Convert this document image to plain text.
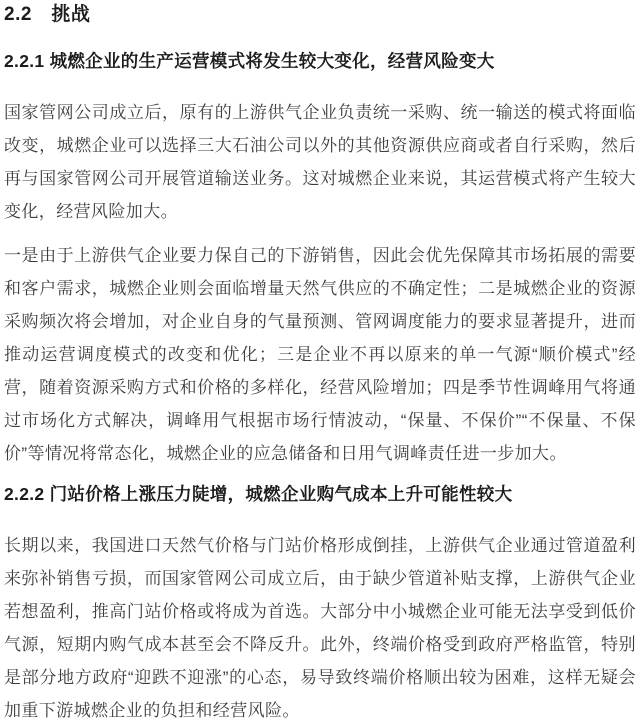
2.2　挑战
2.2.1 城燃企业的生产运营模式将发生较大变化，经营风险变大

国家管网公司成立后，原有的上游供气企业负责统一采购、统一输送的模式将面临改变，城燃企业可以选择三大石油公司以外的其他资源供应商或者自行采购，然后再与国家管网公司开展管道输送业务。这对城燃企业来说，其运营模式将产生较大变化，经营风险加大。

一是由于上游供气企业要力保自己的下游销售，因此会优先保障其市场拓展的需要和客户需求，城燃企业则会面临增量天然气供应的不确定性；二是城燃企业的资源采购频次将会增加，对企业自身的气量预测、管网调度能力的要求显著提升，进而推动运营调度模式的改变和优化；三是企业不再以原来的单一气源“顺价模式”经营，随着资源采购方式和价格的多样化，经营风险增加；四是季节性调峰用气将通过市场化方式解决，调峰用气根据市场行情波动，“保量、不保价”“不保量、不保价”等情况将常态化，城燃企业的应急储备和日用气调峰责任进一步加大。

2.2.2 门站价格上涨压力陡增，城燃企业购气成本上升可能性较大

长期以来，我国进口天然气价格与门站价格形成倒挂，上游供气企业通过管道盈利来弥补销售亏损，而国家管网公司成立后，由于缺少管道补贴支撑，上游供气企业若想盈利，推高门站价格或将成为首选。大部分中小城燃企业可能无法享受到低价气源，短期内购气成本甚至会不降反升。此外，终端价格受到政府严格监管，特别是部分地方政府“迎跌不迎涨”的心态，易导致终端价格顺出较为困难，这样无疑会加重下游城燃企业的负担和经营风险。
